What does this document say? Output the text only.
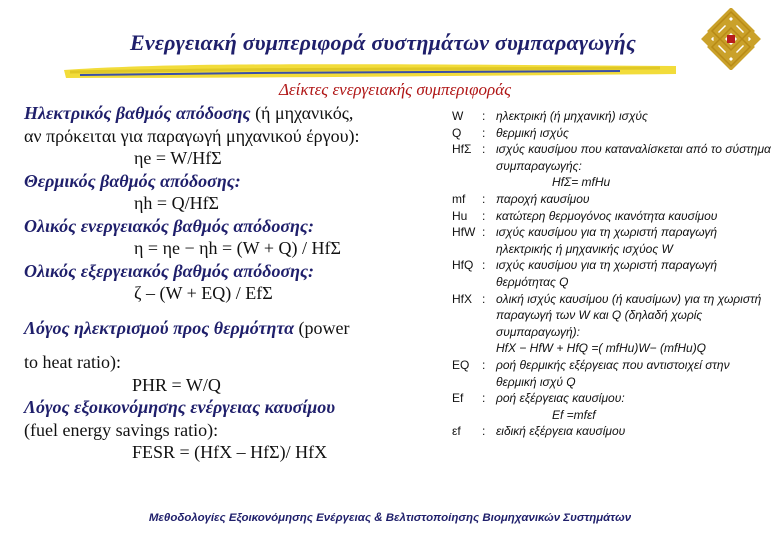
Ενεργειακή συμπεριφορά συστημάτων συμπαραγωγής
Δείκτες ενεργειακής συμπεριφοράς
Ηλεκτρικός βαθμός απόδοσης (ή μηχανικός,
αν πρόκειται για παραγωγή μηχανικού έργου):
ηe = W/HfΣ
Θερμικός βαθμός απόδοσης:
ηh = Q/HfΣ
Ολικός ενεργειακός βαθμός απόδοσης:
η = ηe − ηh = (W + Q) / HfΣ
Ολικός εξεργειακός βαθμός απόδοσης:
ζ – (W + EQ) / EfΣ
Λόγος ηλεκτρισμού προς θερμότητα (power
to heat ratio):
PHR = W/Q
Λόγος εξοικονόμησης ενέργειας καυσίμου
(fuel energy savings ratio):
FESR = (HfX – HfΣ)/ HfX
W	: ηλεκτρική (ή μηχανική) ισχύς
Q	: θερμική ισχύς
HfΣ : ισχύς καυσίμου που καταναλίσκεται από το σύστημα συμπαραγωγής:
HfΣ= mfHu
mf	: παροχή καυσίμου
Hu	: κατώτερη θερμογόνος ικανότητα καυσίμου
HfW : ισχύς καυσίμου για τη χωριστή παραγωγή ηλεκτρικής ή μηχανικής ισχύος W
HfQ : ισχύς καυσίμου για τη χωριστή παραγωγή θερμότητας Q
HfX : ολική ισχύς καυσίμου (ή καυσίμων) για τη χωριστή παραγωγή των W και Q (δηλαδή χωρίς συμπαραγωγή):
HfX − HfW + HfQ =( mfHu)W− (mfHu)Q
EQ	: ροή θερμικής εξέργειας που αντιστοιχεί στην θερμική ισχύ Q
Ef	: ροή εξέργειας καυσίμου:
Ef =mfεf
εf	: ειδική εξέργεια καυσίμου
Μεθοδολογίες Εξοικονόμησης Ενέργειας & Βελτιστοποίησης Βιομηχανικών Συστημάτων
